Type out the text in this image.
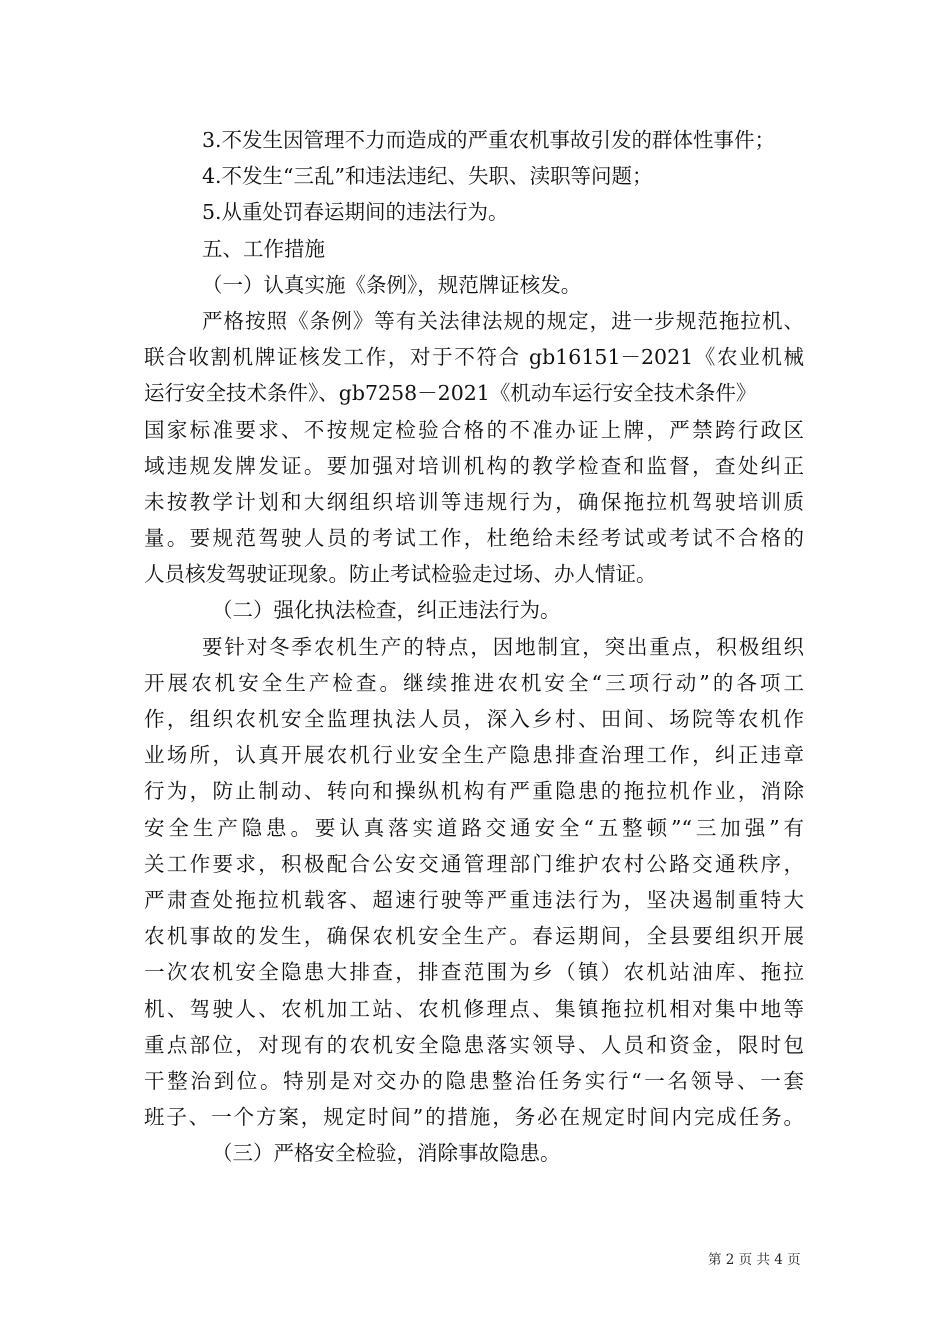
3.不发生因管理不力而造成的严重农机事故引发的群体性事件；
4.不发生“三乱”和违法违纪、失职、渎职等问题；
5.从重处罚春运期间的违法行为。
五、工作措施
（一）认真实施《条例》，规范牌证核发。
严格按照《条例》等有关法律法规的规定，进一步规范拖拉机、
联合收割机牌证核发工作，对于不符合 gb16151－2021《农业机械
运行安全技术条件》、gb7258－2021《机动车运行安全技术条件》
国家标准要求、不按规定检验合格的不准办证上牌，严禁跨行政区
域违规发牌发证。要加强对培训机构的教学检查和监督，查处纠正
未按教学计划和大纲组织培训等违规行为，确保拖拉机驾驶培训质
量。要规范驾驶人员的考试工作，杜绝给未经考试或考试不合格的
人员核发驾驶证现象。防止考试检验走过场、办人情证。
（二）强化执法检查，纠正违法行为。
要针对冬季农机生产的特点，因地制宜，突出重点，积极组织
开展农机安全生产检查。继续推进农机安全“三项行动”的各项工
作，组织农机安全监理执法人员，深入乡村、田间、场院等农机作
业场所，认真开展农机行业安全生产隐患排查治理工作，纠正违章
行为，防止制动、转向和操纵机构有严重隐患的拖拉机作业，消除
安全生产隐患。要认真落实道路交通安全“五整顿”“三加强”有
关工作要求，积极配合公安交通管理部门维护农村公路交通秩序，
严肃查处拖拉机载客、超速行驶等严重违法行为，坚决遏制重特大
农机事故的发生，确保农机安全生产。春运期间，全县要组织开展
一次农机安全隐患大排查，排查范围为乡（镇）农机站油库、拖拉
机、驾驶人、农机加工站、农机修理点、集镇拖拉机相对集中地等
重点部位，对现有的农机安全隐患落实领导、人员和资金，限时包
干整治到位。特别是对交办的隐患整治任务实行“一名领导、一套
班子、一个方案，规定时间”的措施，务必在规定时间内完成任务。
（三）严格安全检验，消除事故隐患。
第 2 页 共 4 页
